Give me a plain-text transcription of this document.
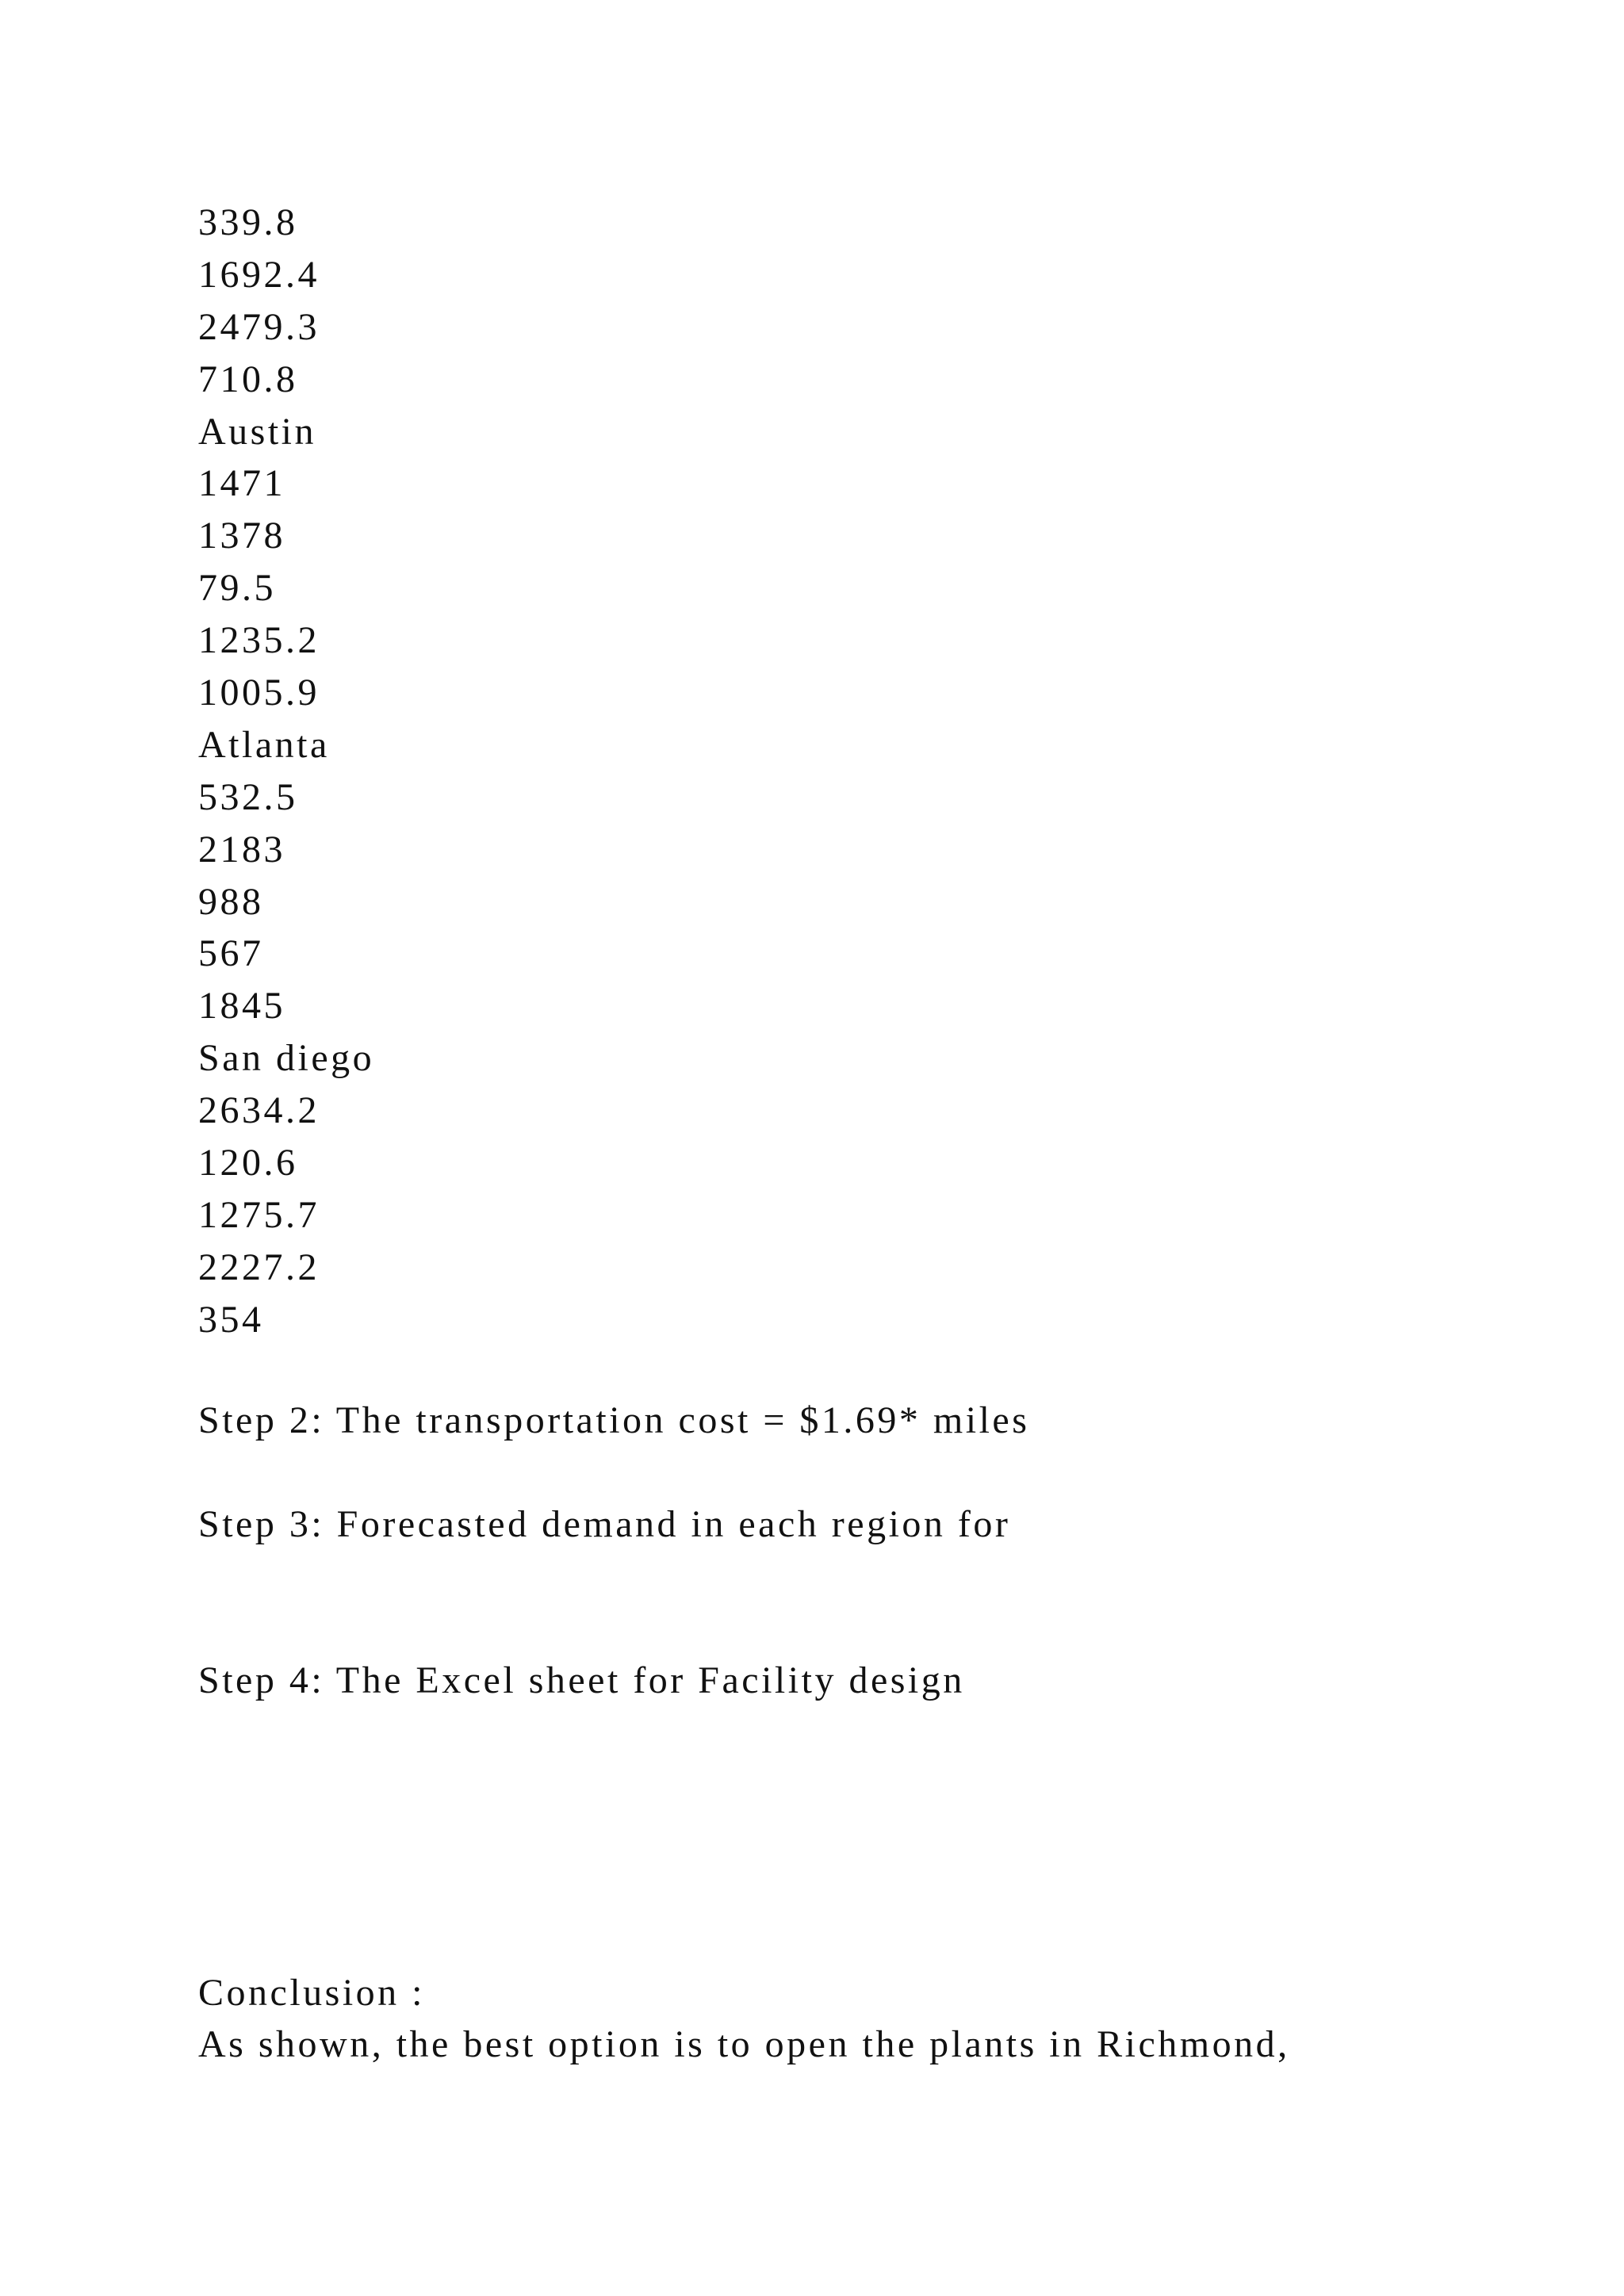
339.8
1692.4
2479.3
710.8
Austin
1471
1378
79.5
1235.2
1005.9
Atlanta
532.5
2183
988
567
1845
San diego
2634.2
120.6
1275.7
2227.2
354
Step 2: The transportation cost = $1.69* miles
Step 3: Forecasted demand in each region for
Step 4: The Excel sheet for Facility design
Conclusion :
As shown, the best option is to open the plants in Richmond,
